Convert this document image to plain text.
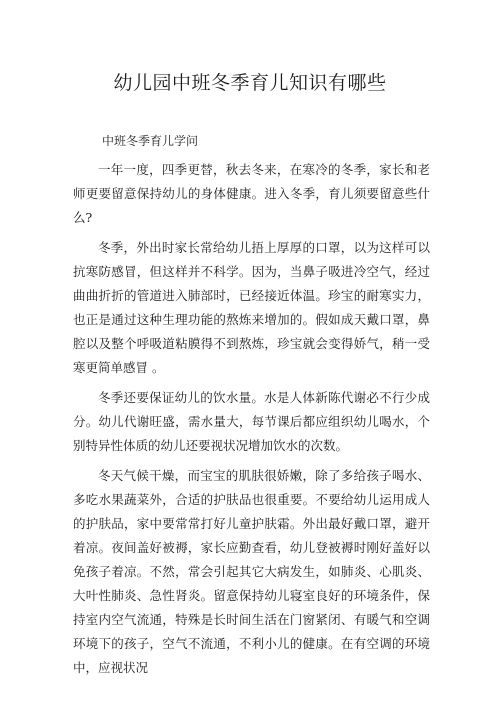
幼儿园中班冬季育儿知识有哪些
中班冬季育儿学问

一年一度，四季更替，秋去冬来，在寒冷的冬季，家长和老师更要留意保持幼儿的身体健康。进入冬季，育儿须要留意些什么?

冬季，外出时家长常给幼儿捂上厚厚的口罩，以为这样可以抗寒防感冒，但这样并不科学。因为，当鼻子吸进冷空气，经过曲曲折折的管道进入肺部时，已经接近体温。珍宝的耐寒实力，也正是通过这种生理功能的熬炼来增加的。假如成天戴口罩，鼻腔以及整个呼吸道粘膜得不到熬炼，珍宝就会变得娇气，稍一受寒更简单感冒 。

冬季还要保证幼儿的饮水量。水是人体新陈代谢必不行少成分。幼儿代谢旺盛，需水量大，每节课后都应组织幼儿喝水，个别特异性体质的幼儿还要视状况增加饮水的次数。

冬天气候干燥，而宝宝的肌肤很娇嫩，除了多给孩子喝水、多吃水果蔬菜外，合适的护肤品也很重要。不要给幼儿运用成人的护肤品，家中要常常打好儿童护肤霜。外出最好戴口罩，避开着凉。夜间盖好被褥，家长应勤查看，幼儿登被褥时刚好盖好以免孩子着凉。不然，常会引起其它大病发生，如肺炎、心肌炎、大叶性肺炎、急性肾炎。留意保持幼儿寝室良好的环境条件，保持室内空气流通，特殊是长时间生活在门窗紧闭、有暖气和空调环境下的孩子，空气不流通，不利小儿的健康。在有空调的环境中，应视状况
